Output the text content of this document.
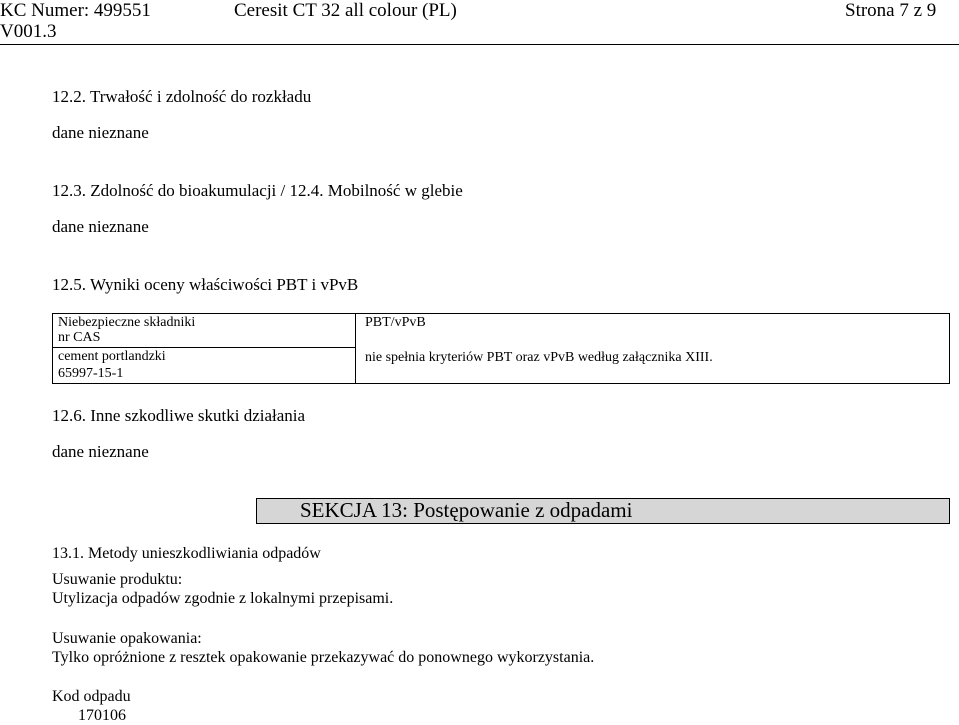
KC Numer: 499551
V001.3
Ceresit CT 32 all colour (PL)	Strona 7 z 9
12.2. Trwałość i zdolność do rozkładu
dane nieznane
12.3. Zdolność do bioakumulacji / 12.4. Mobilność w glebie
dane nieznane
12.5. Wyniki oceny właściwości PBT i vPvB
Niebezpieczne składniki
nr CAS
cement portlandzki
65997-15-1
PBT/vPvB
nie spełnia kryteriów PBT oraz vPvB według załącznika XIII.
12.6. Inne szkodliwe skutki działania
dane nieznane
SEKCJA 13: Postępowanie z odpadami
13.1. Metody unieszkodliwiania odpadów
Usuwanie produktu:
Utylizacja odpadów zgodnie z lokalnymi przepisami.
Usuwanie opakowania:
Tylko opróżnione z resztek opakowanie przekazywać do ponownego wykorzystania.
Kod odpadu
170106
